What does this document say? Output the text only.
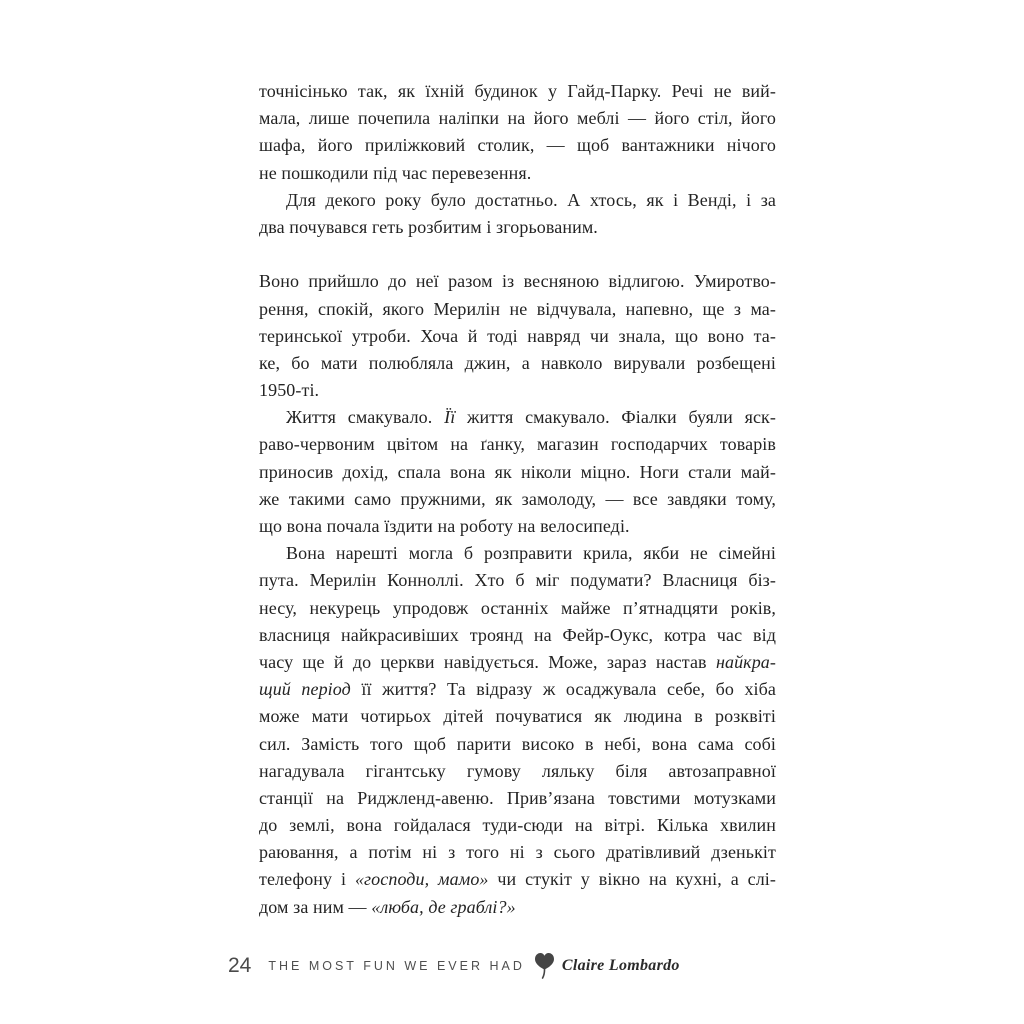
точнісінько так, як їхній будинок у Гайд-Парку. Речі не вий-
мала, лише почепила наліпки на його меблі — його стіл, його
шафа, його приліжковий столик, — щоб вантажники нічого
не пошкодили під час перевезення.
Для декого року було достатньо. А хтось, як і Венді, і за
два почувався геть розбитим і згорьованим.
Воно прийшло до неї разом із весняною відлигою. Умиротво-
рення, спокій, якого Мерилін не відчувала, напевно, ще з ма-
теринської утроби. Хоча й тоді навряд чи знала, що воно та-
ке, бо мати полюбляла джин, а навколо вирували розбещені
1950-ті.
Життя смакувало. Її життя смакувало. Фіалки буяли яск-
раво-червоним цвітом на ґанку, магазин господарчих товарів
приносив дохід, спала вона як ніколи міцно. Ноги стали май-
же такими само пружними, як замолоду, — все завдяки тому,
що вона почала їздити на роботу на велосипеді.
Вона нарешті могла б розправити крила, якби не сімейні
пута. Мерилін Конноллі. Хто б міг подумати? Власниця біз-
несу, некурець упродовж останніх майже п’ятнадцяти років,
власниця найкрасивіших троянд на Фейр-Оукс, котра час від
часу ще й до церкви навідується. Може, зараз настав найкра-
щий період її життя? Та відразу ж осаджувала себе, бо хіба
може мати чотирьох дітей почуватися як людина в розквіті
сил. Замість того щоб парити високо в небі, вона сама собі
нагадувала гігантську гумову ляльку біля автозаправної
станції на Риджленд-авеню. Прив’язана товстими мотузками
до землі, вона гойдалася туди-сюди на вітрі. Кілька хвилин
раювання, а потім ні з того ні з сього дратівливий дзенькіт
телефону і «господи, мамо» чи стукіт у вікно на кухні, а слі-
дом за ним — «люба, де граблі?»
24 THE MOST FUN WE EVER HAD Claire Lombardo
